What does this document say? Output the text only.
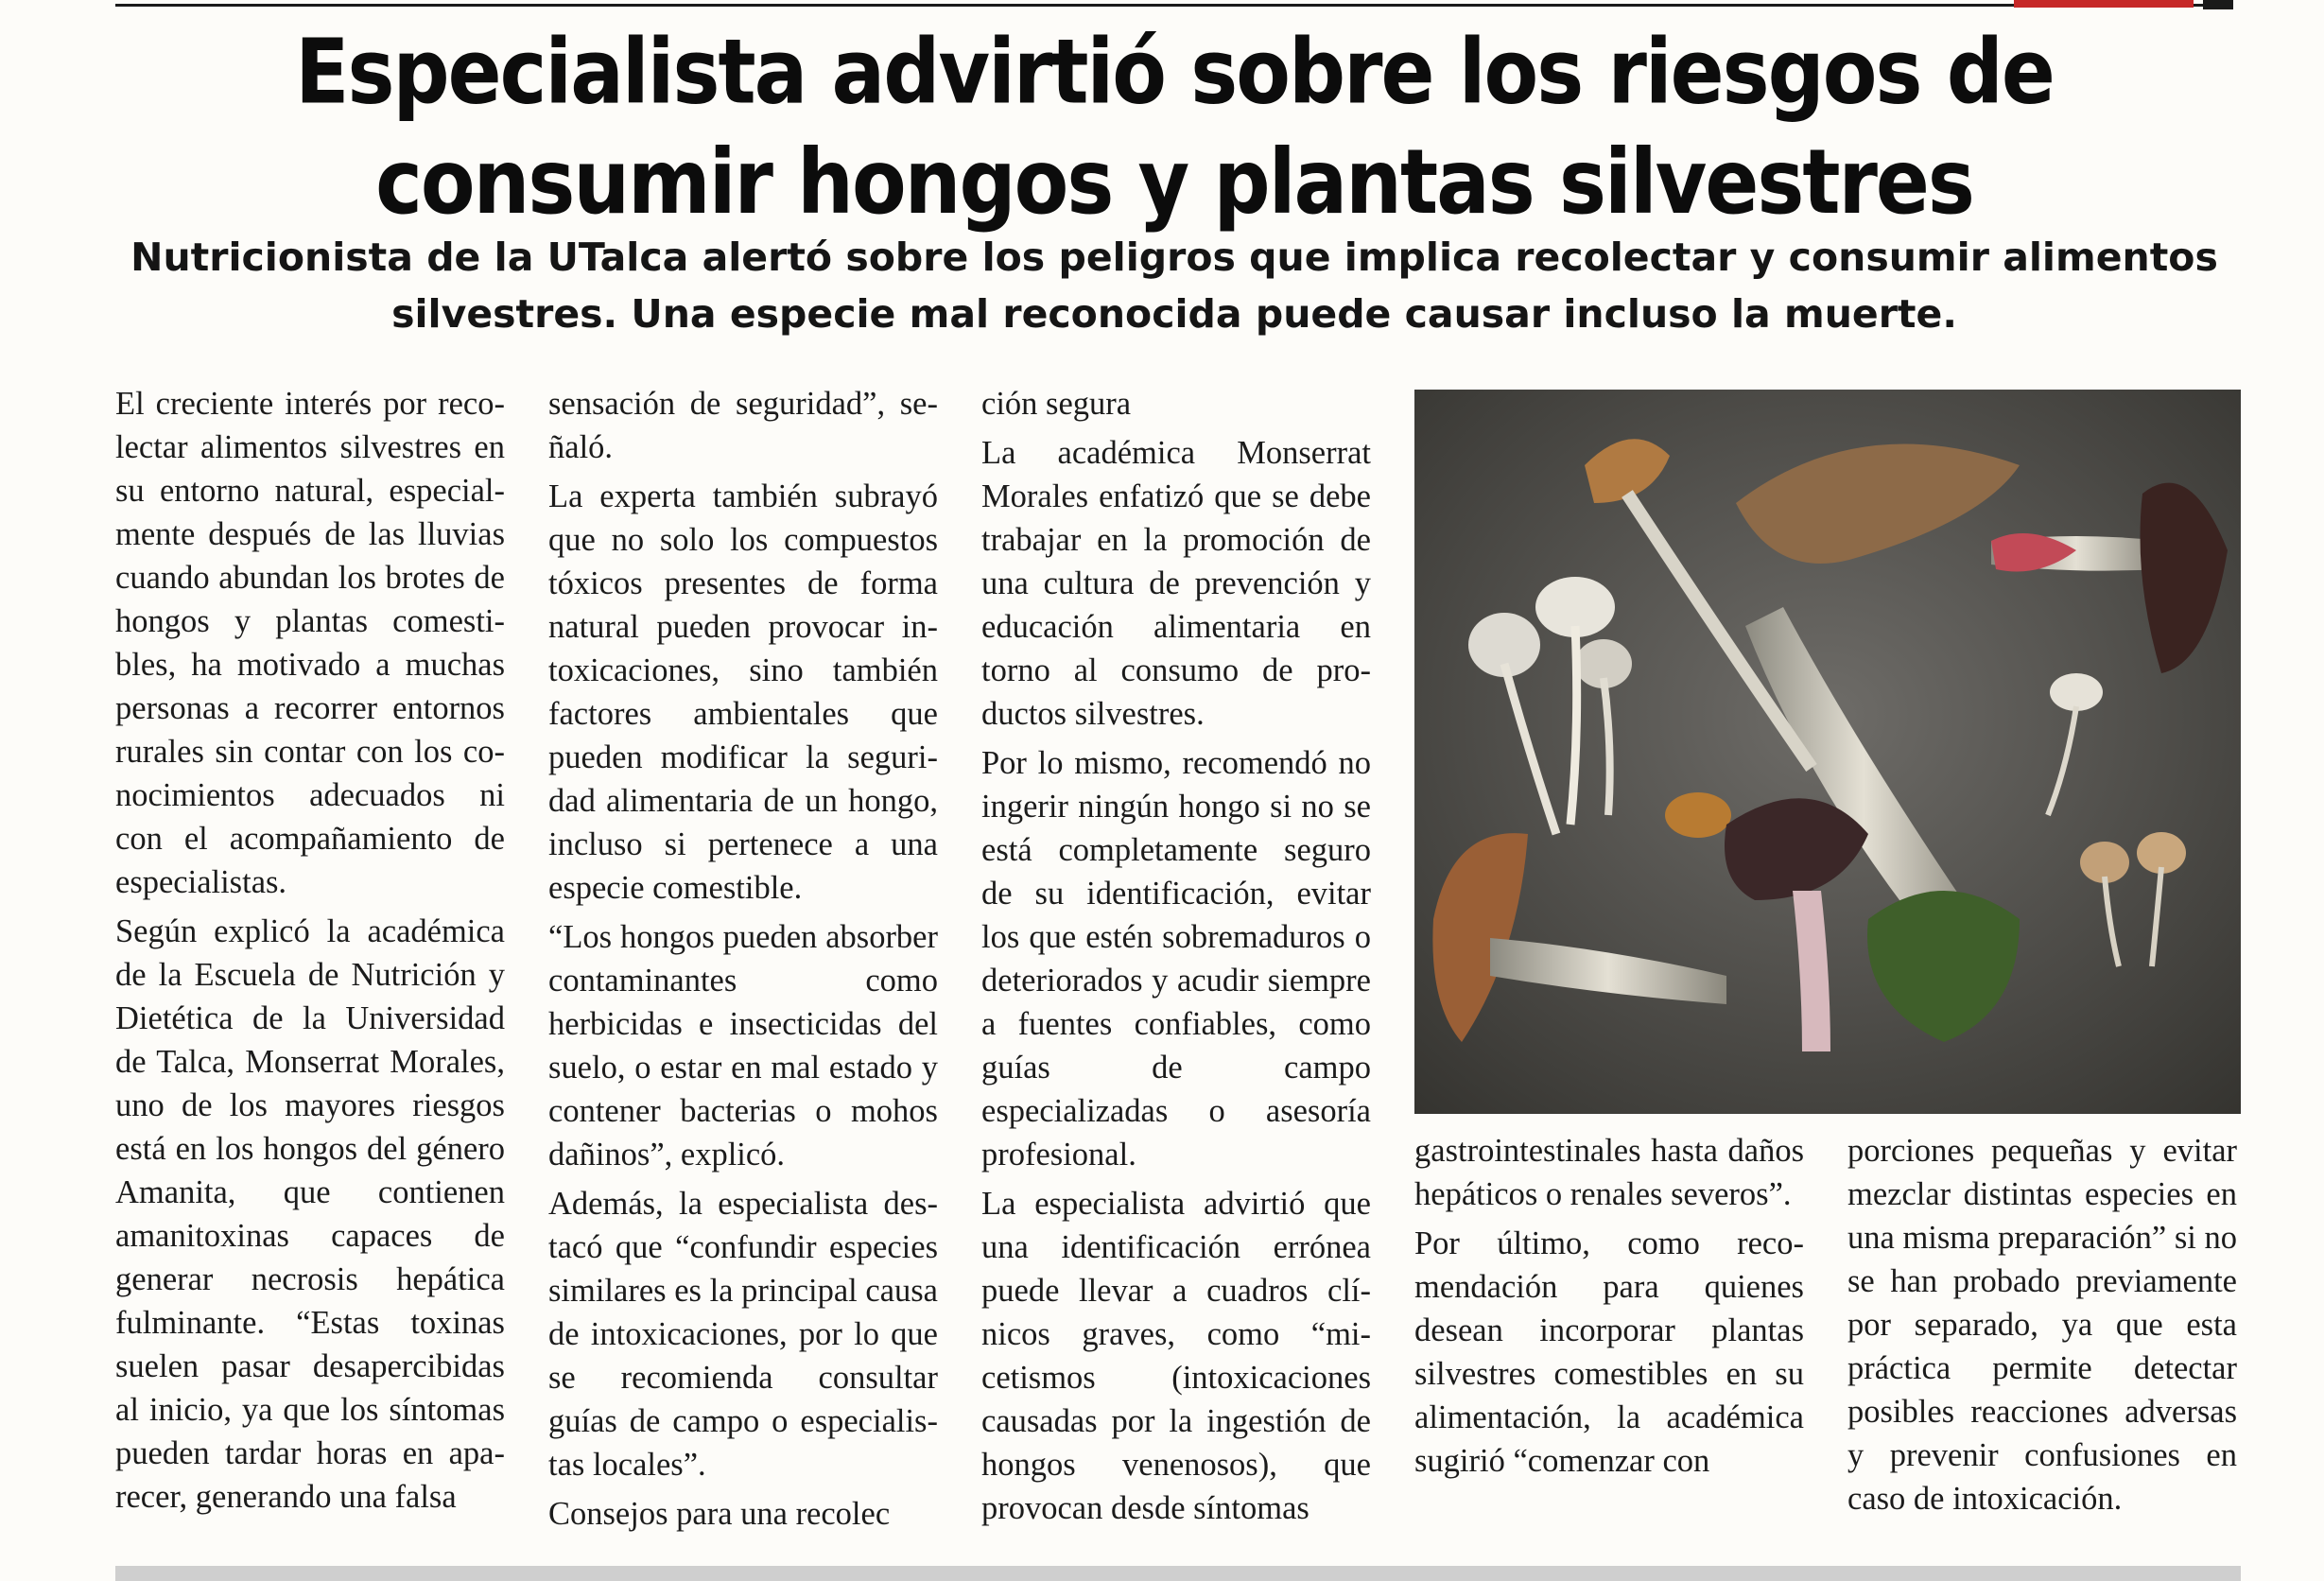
Especialista advirtió sobre los riesgos de consumir hongos y plantas silvestres
Nutricionista de la UTalca alertó sobre los peligros que implica recolectar y consumir alimentos silvestres. Una especie mal reconocida puede causar incluso la muerte.

El creciente interés por recolectar alimentos silvestres en su entorno natural, especialmente después de las lluvias cuando abundan los brotes de hongos y plantas comestibles, ha motivado a muchas personas a recorrer entornos rurales sin contar con los conocimientos adecuados ni con el acompañamiento de especialistas.

Según explicó la académica de la Escuela de Nutrición y Dietética de la Universidad de Talca, Monserrat Morales, uno de los mayores riesgos está en los hongos del género Amanita, que contienen amanitoxinas capaces de generar necrosis hepática fulminante. “Estas toxinas suelen pasar desapercibidas al inicio, ya que los síntomas pueden tardar horas en aparecer, generando una falsa

sensación de seguridad”, señaló.

La experta también subrayó que no solo los compuestos tóxicos presentes de forma natural pueden provocar intoxicaciones, sino también factores ambientales que pueden modificar la seguridad alimentaria de un hongo, incluso si pertenece a una especie comestible.

“Los hongos pueden absorber contaminantes como herbicidas e insecticidas del suelo, o estar en mal estado y contener bacterias o mohos dañinos”, explicó.

Además, la especialista destacó que “confundir especies similares es la principal causa de intoxicaciones, por lo que se recomienda consultar guías de campo o especialistas locales”.

Consejos para una recolec

ción segura

La académica Monserrat Morales enfatizó que se debe trabajar en la promoción de una cultura de prevención y educación alimentaria en torno al consumo de productos silvestres.

Por lo mismo, recomendó no ingerir ningún hongo si no se está completamente seguro de su identificación, evitar los que estén sobremaduros o deteriorados y acudir siempre a fuentes confiables, como guías de campo especializadas o asesoría profesional.

La especialista advirtió que una identificación errónea puede llevar a cuadros clínicos graves, como “micetismos (intoxicaciones causadas por la ingestión de hongos venenosos), que provocan desde síntomas

gastrointestinales hasta daños hepáticos o renales severos”.

Por último, como recomendación para quienes desean incorporar plantas silvestres comestibles en su alimentación, la académica sugirió “comenzar con

porciones pequeñas y evitar mezclar distintas especies en una misma preparación” si no se han probado previamente por separado, ya que esta práctica permite detectar posibles reacciones adversas y prevenir confusiones en caso de intoxicación.
